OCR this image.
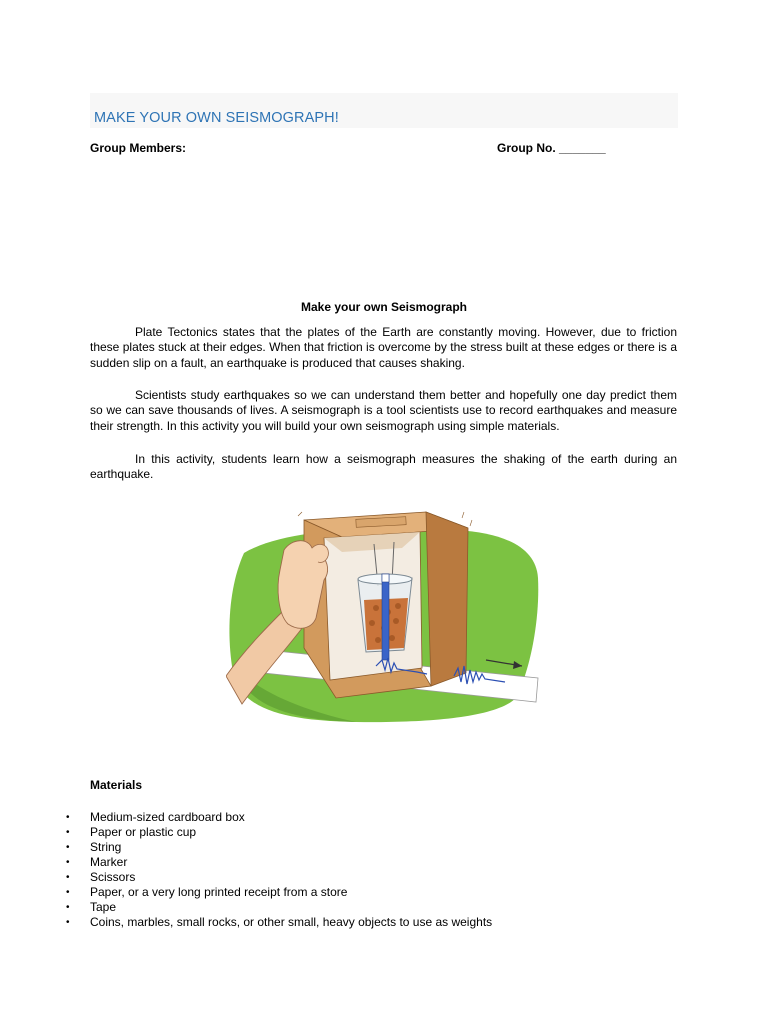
MAKE YOUR OWN SEISMOGRAPH!
Group Members:	Group No. _______
Make your own Seismograph

Plate Tectonics states that the plates of the Earth are constantly moving. However, due to friction these plates stuck at their edges. When that friction is overcome by the stress built at these edges or there is a sudden slip on a fault, an earthquake is produced that causes shaking.

Scientists study earthquakes so we can understand them better and hopefully one day predict them so we can save thousands of lives. A seismograph is a tool scientists use to record earthquakes and measure their strength. In this activity you will build your own seismograph using simple materials.

In this activity, students learn how a seismograph measures the shaking of the earth during an earthquake.

Materials
• Medium-sized cardboard box
• Paper or plastic cup
• String
• Marker
• Scissors
• Paper, or a very long printed receipt from a store
• Tape
• Coins, marbles, small rocks, or other small, heavy objects to use as weights
